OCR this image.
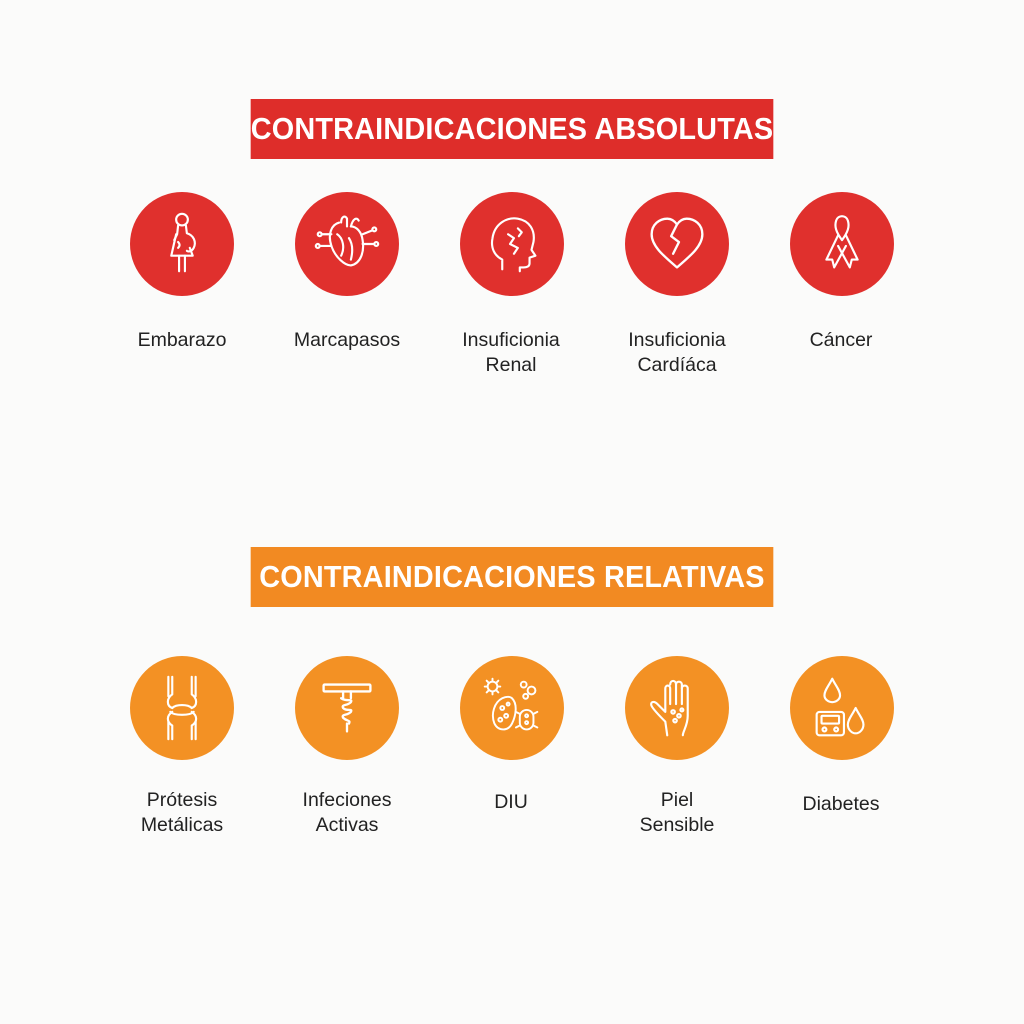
CONTRAINDICACIONES ABSOLUTAS
Embarazo	Marcapasos	Insuficionia
Renal
Insuficionia
Cardíáca
Cáncer
CONTRAINDICACIONES RELATIVAS
Prótesis
Metálicas
Infeciones
Activas
DIU	Piel
Sensible
Diabetes
